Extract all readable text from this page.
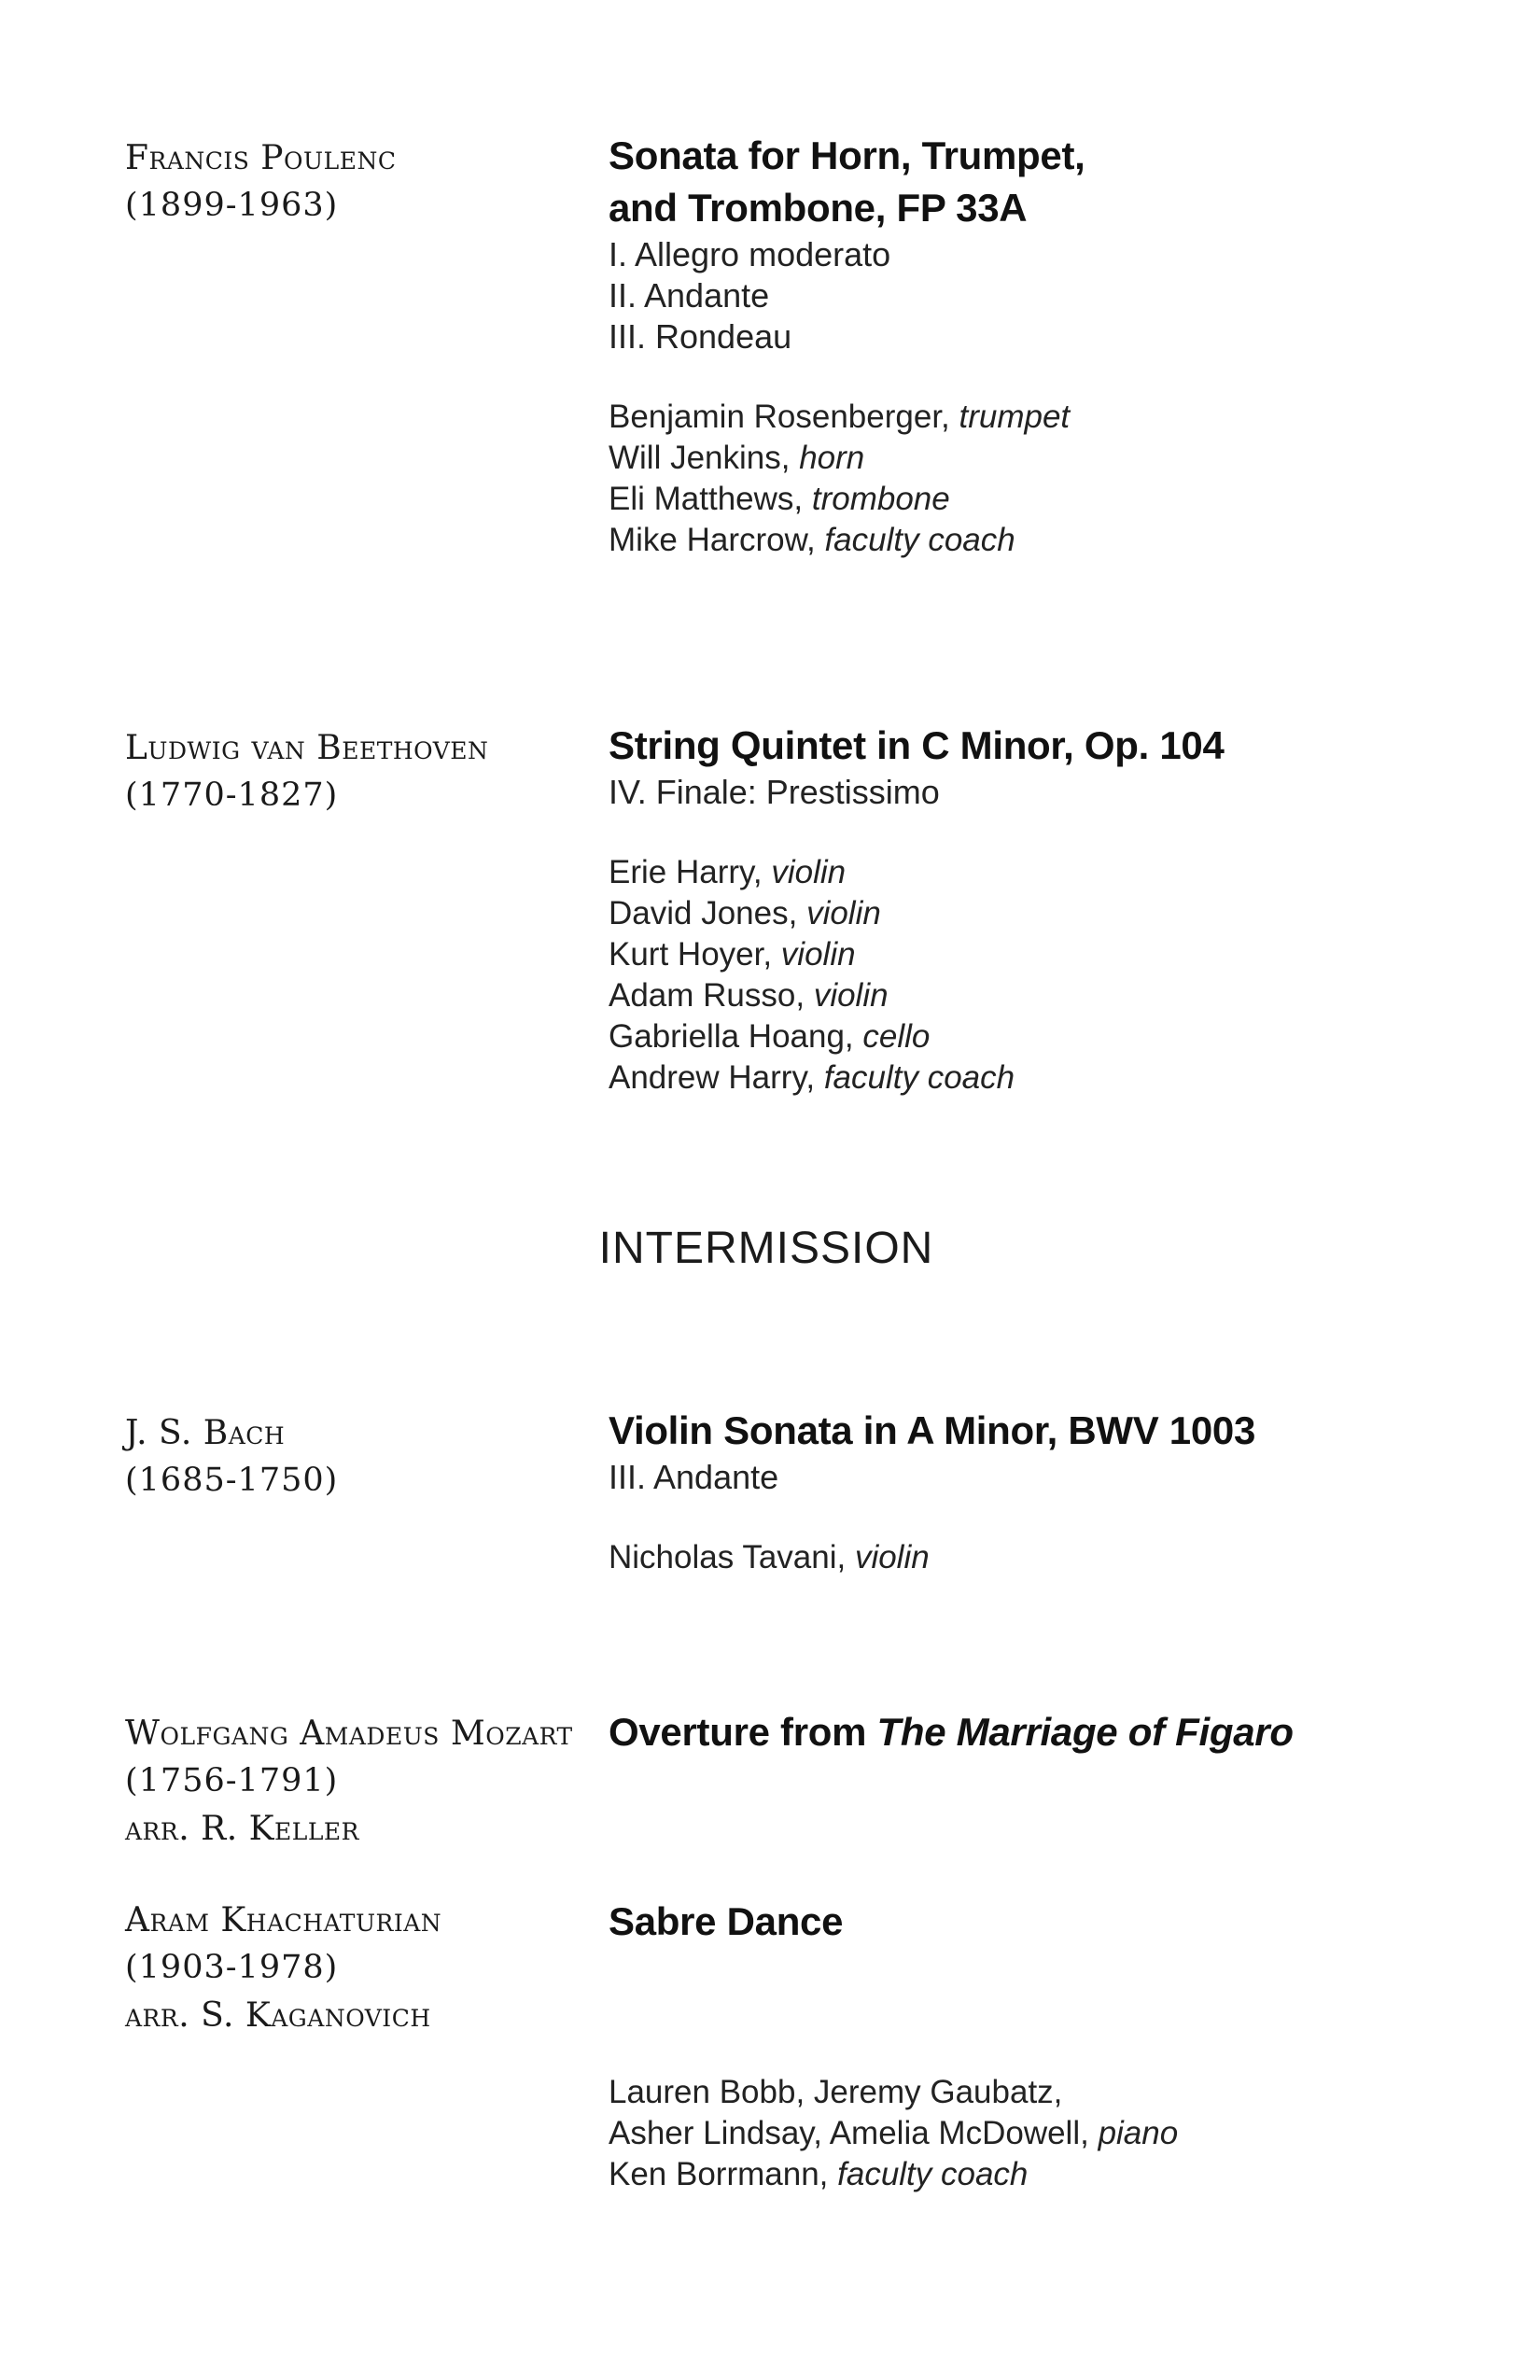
Francis Poulenc
(1899-1963)
Sonata for Horn, Trumpet,
and Trombone, FP 33A
I. Allegro moderato
II. Andante
III. Rondeau
Benjamin Rosenberger, trumpet
Will Jenkins, horn
Eli Matthews, trombone
Mike Harcrow, faculty coach
Ludwig van Beethoven
(1770-1827)
String Quintet in C Minor, Op. 104
IV. Finale: Prestissimo
Erie Harry, violin
David Jones, violin
Kurt Hoyer, violin
Adam Russo, violin
Gabriella Hoang, cello
Andrew Harry, faculty coach
INTERMISSION
J. S. Bach
(1685-1750)
Violin Sonata in A Minor, BWV 1003
III. Andante
Nicholas Tavani, violin
Wolfgang Amadeus Mozart
(1756-1791)
arr. R. Keller
Overture from The Marriage of Figaro
Aram Khachaturian
(1903-1978)
arr. S. Kaganovich
Sabre Dance
Lauren Bobb, Jeremy Gaubatz,
Asher Lindsay, Amelia McDowell, piano
Ken Borrmann, faculty coach
